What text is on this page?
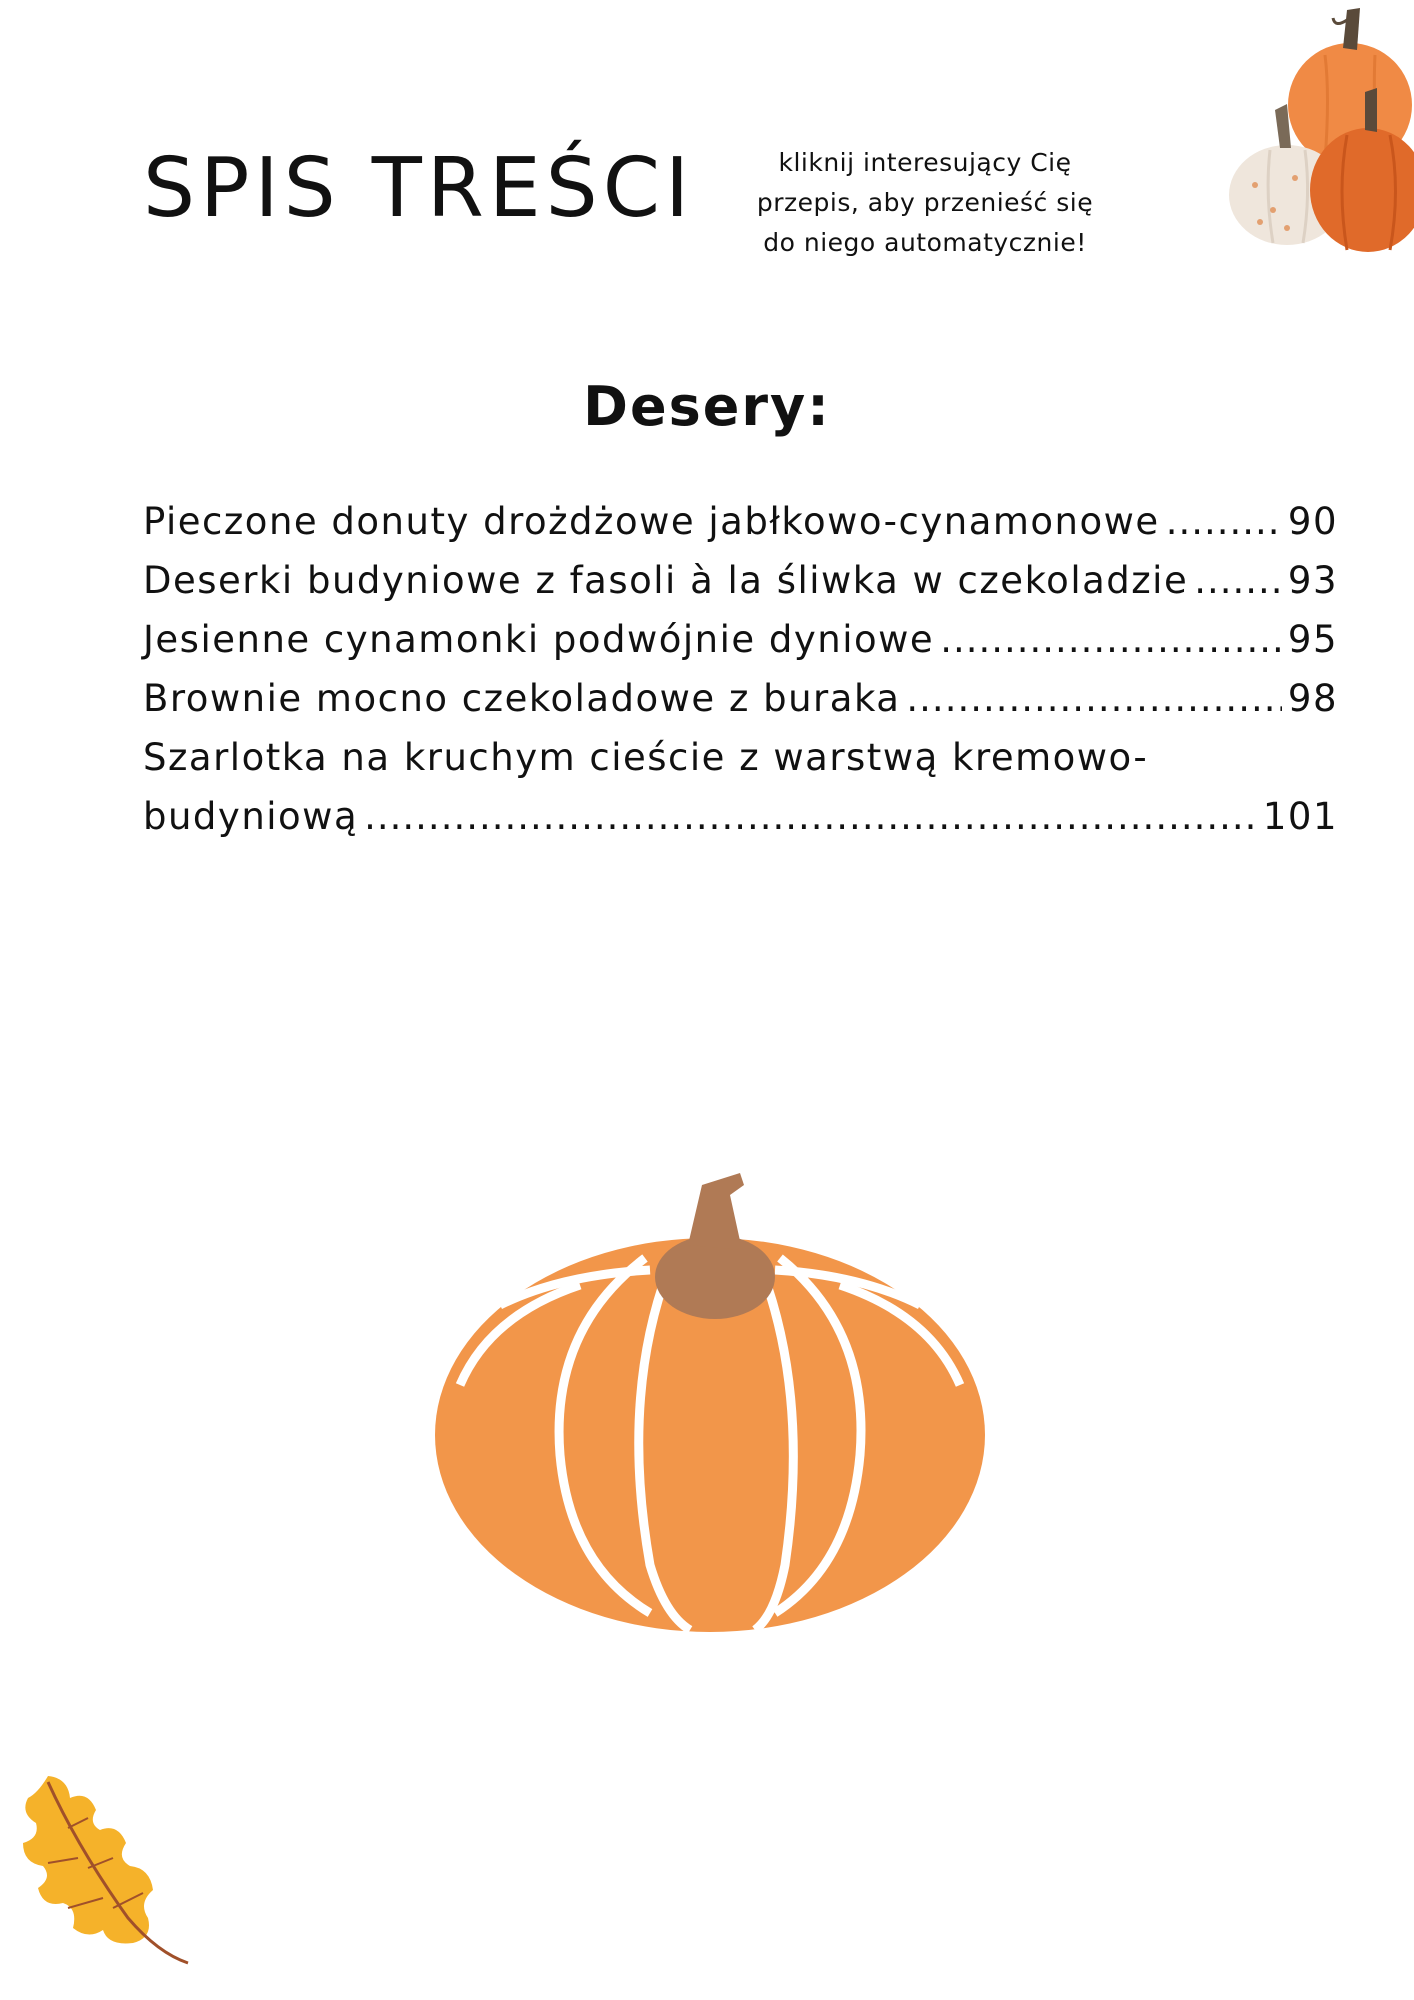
SPIS TREŚCI	kliknij interesujący Cię
przepis, aby przenieść się
do niego automatycznie!
Desery:
Pieczone donuty drożdżowe jabłkowo-cynamonowe .....	90
Deserki budyniowe z fasoli à la śliwka w czekoladzie .....	93
Jesienne cynamonki podwójnie dyniowe .....	95
Brownie mocno czekoladowe z buraka .....	98
Szarlotka na kruchym cieście z warstwą kremowo-
budyniową .....	101
